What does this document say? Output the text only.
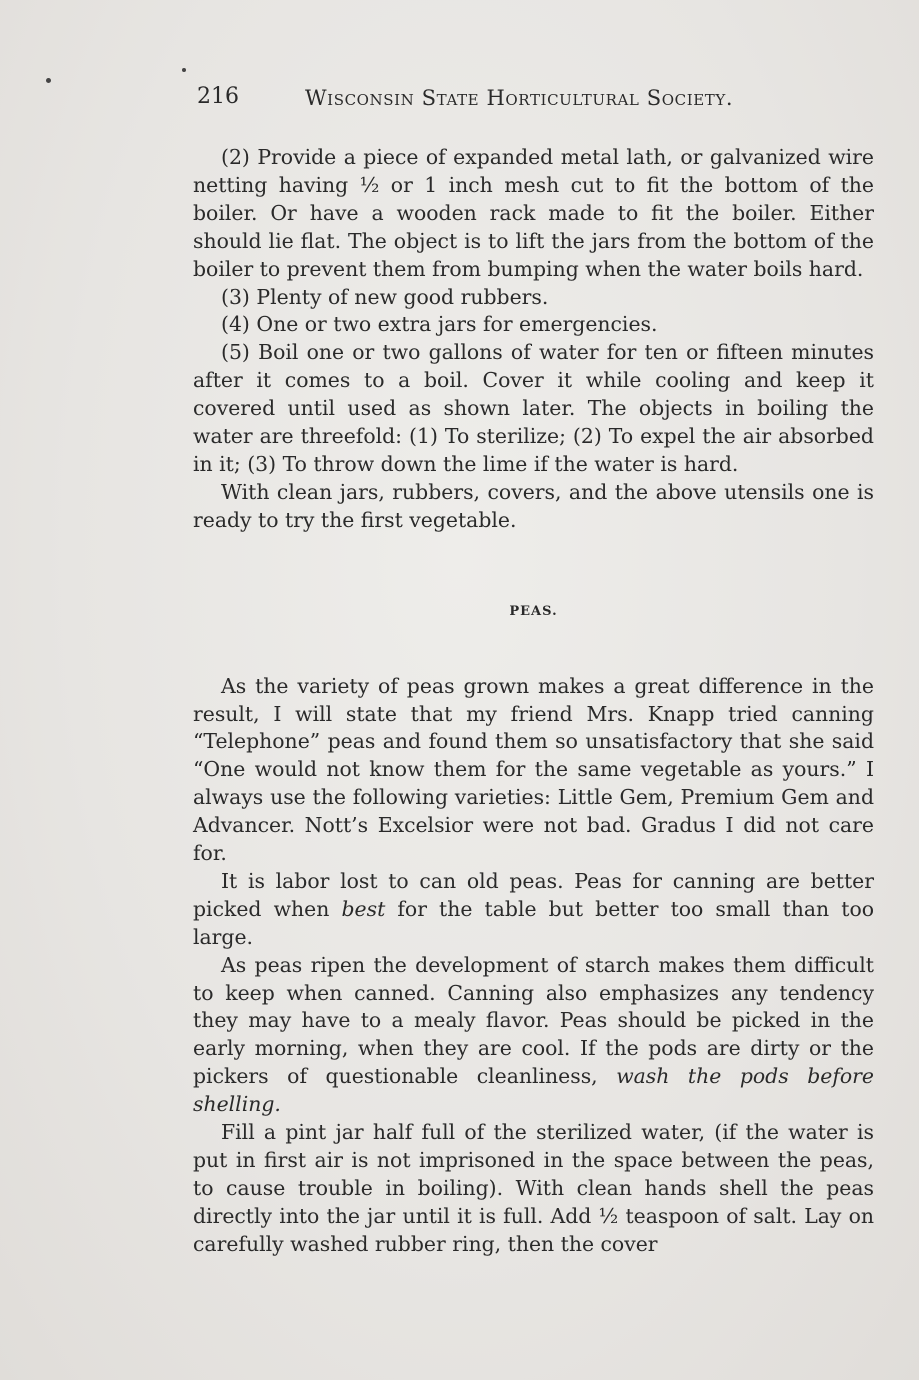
216	Wisconsin State Horticultural Society.

(2) Provide a piece of expanded metal lath, or galvanized wire netting having ½ or 1 inch mesh cut to fit the bottom of the boiler. Or have a wooden rack made to fit the boiler. Either should lie flat. The object is to lift the jars from the bottom of the boiler to prevent them from bumping when the water boils hard.

(3) Plenty of new good rubbers.

(4) One or two extra jars for emergencies.

(5) Boil one or two gallons of water for ten or fifteen minutes after it comes to a boil. Cover it while cooling and keep it covered until used as shown later. The objects in boiling the water are threefold: (1) To sterilize; (2) To expel the air absorbed in it; (3) To throw down the lime if the water is hard.

With clean jars, rubbers, covers, and the above utensils one is ready to try the first vegetable.

PEAS.

As the variety of peas grown makes a great difference in the result, I will state that my friend Mrs. Knapp tried canning “Telephone” peas and found them so unsatisfactory that she said “One would not know them for the same vegetable as yours.” I always use the following varieties: Little Gem, Premium Gem and Advancer. Nott’s Excelsior were not bad. Gradus I did not care for.

It is labor lost to can old peas. Peas for canning are better picked when best for the table but better too small than too large.

As peas ripen the development of starch makes them difficult to keep when canned. Canning also emphasizes any tendency they may have to a mealy flavor. Peas should be picked in the early morning, when they are cool. If the pods are dirty or the pickers of questionable cleanliness, wash the pods before shelling.

Fill a pint jar half full of the sterilized water, (if the water is put in first air is not imprisoned in the space between the peas, to cause trouble in boiling). With clean hands shell the peas directly into the jar until it is full. Add ½ teaspoon of salt. Lay on carefully washed rubber ring, then the cover
